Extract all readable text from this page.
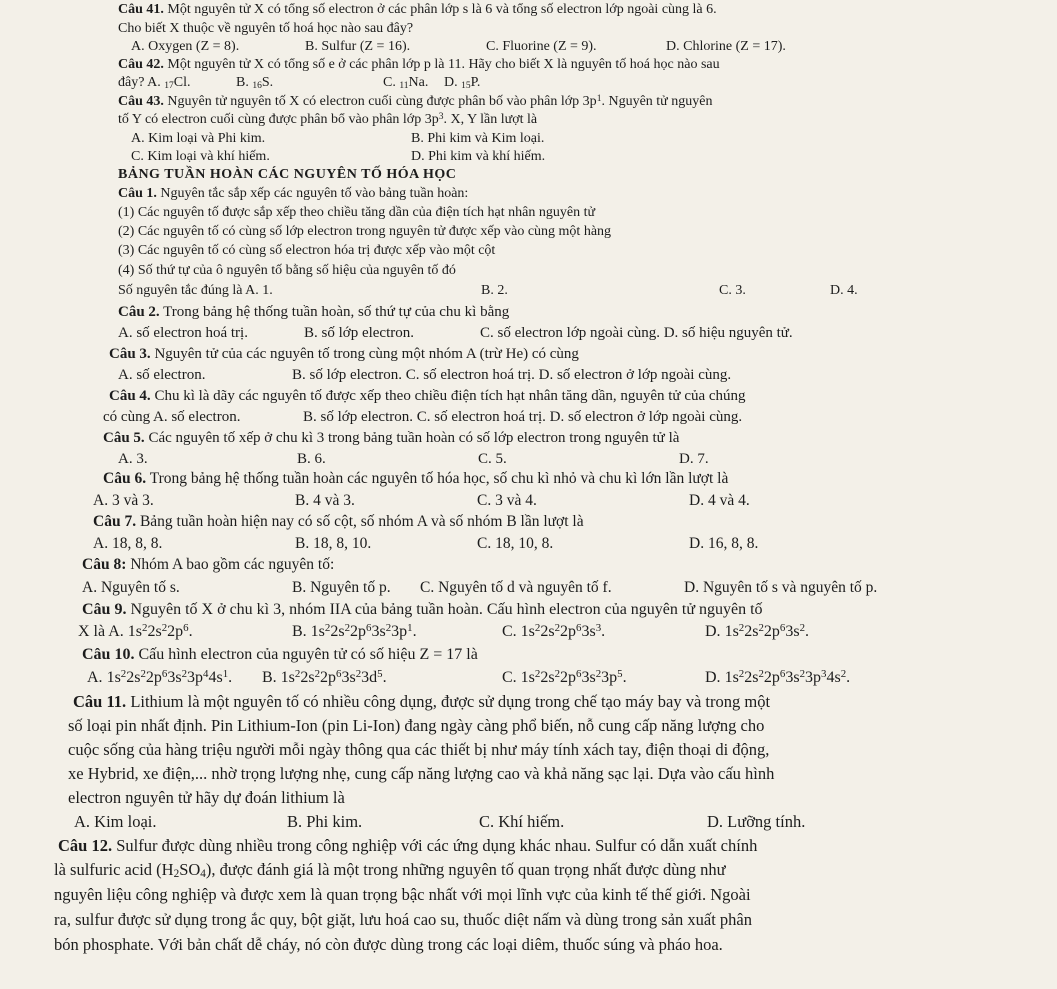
Câu 41. Một nguyên tử X có tổng số electron ở các phân lớp s là 6 và tổng số electron lớp ngoài cùng là 6.
Cho biết X thuộc về nguyên tố hoá học nào sau đây?
A. Oxygen (Z = 8).	B. Sulfur (Z = 16).	C. Fluorine (Z = 9).	D. Chlorine (Z = 17).
Câu 42. Một nguyên tử X có tổng số e ở các phân lớp p là 11. Hãy cho biết X là nguyên tố hoá học nào sau
đây? A. $_{17}$Cl.	B. $_{16}$S.	C. $_{11}$Na. D. $_{15}$P.
Câu 43. Nguyên tử nguyên tố X có electron cuối cùng được phân bố vào phân lớp $3p^1$. Nguyên tử nguyên
tố Y có electron cuối cùng được phân bổ vào phân lớp $3p^3$. X, Y lần lượt là
A. Kim loại và Phi kim.	B. Phi kim và Kim loại.
C. Kim loại và khí hiếm.	D. Phi kim và khí hiếm.
BẢNG TUẦN HOÀN CÁC NGUYÊN TỐ HÓA HỌC
Câu 1. Nguyên tắc sắp xếp các nguyên tố vào bảng tuần hoàn:
(1) Các nguyên tố được sắp xếp theo chiều tăng dần của điện tích hạt nhân nguyên tử
(2) Các nguyên tố có cùng số lớp electron trong nguyên tử được xếp vào cùng một hàng
(3) Các nguyên tố có cùng số electron hóa trị được xếp vào một cột
(4) Số thứ tự của ô nguyên tố bằng số hiệu của nguyên tố đó
Số nguyên tắc đúng là A. 1.	B. 2.	C. 3.	D. 4.
Câu 2. Trong bảng hệ thống tuần hoàn, số thứ tự của chu kì bằng
A. số electron hoá trị.	B. số lớp electron.	C. số electron lớp ngoài cùng. D. số hiệu nguyên tử.
Câu 3. Nguyên tử của các nguyên tố trong cùng một nhóm A (trừ He) có cùng
A. số electron.	B. số lớp electron. C. số electron hoá trị. D. số electron ở lớp ngoài cùng.
Câu 4. Chu kì là dãy các nguyên tố được xếp theo chiều điện tích hạt nhân tăng dần, nguyên tử của chúng
có cùng A. số electron.	B. số lớp electron. C. số electron hoá trị. D. số electron ở lớp ngoài cùng.
Câu 5. Các nguyên tố xếp ở chu kì 3 trong bảng tuần hoàn có số lớp electron trong nguyên tử là
A. 3.	B. 6.	C. 5.	D. 7.
Câu 6. Trong bảng hệ thống tuần hoàn các nguyên tố hóa học, số chu kì nhỏ và chu kì lớn lần lượt là
A. 3 và 3.	B. 4 và 3.	C. 3 và 4.	D. 4 và 4.
Câu 7. Bảng tuần hoàn hiện nay có số cột, số nhóm A và số nhóm B lần lượt là
A. 18, 8, 8.	B. 18, 8, 10.	C. 18, 10, 8.	D. 16, 8, 8.
Câu 8: Nhóm A bao gồm các nguyên tố:
A. Nguyên tố s.	B. Nguyên tố p. C. Nguyên tố d và nguyên tố f.	D. Nguyên tố s và nguyên tố p.
Câu 9. Nguyên tố X ở chu kì 3, nhóm IIA của bảng tuần hoàn. Cấu hình electron của nguyên tử nguyên tố
X là A. $1s^22s^22p^6$.	B. $1s^22s^22p^63s^23p^1$.	C. $1s^22s^22p^63s^3$.	D. $1s^22s^22p^63s^2$.
Câu 10. Cấu hình electron của nguyên tử có số hiệu Z = 17 là
A. $1s^22s^22p^63s^23p^44s^1$. B. $1s^22s^22p^63s^23d^5$.	C. $1s^22s^22p^63s^23p^5$.	D. $1s^22s^22p^63s^23p^34s^2$.
Câu 11. Lithium là một nguyên tố có nhiều công dụng, được sử dụng trong chế tạo máy bay và trong một
số loại pin nhất định. Pin Lithium-Ion (pin Li-Ion) đang ngày càng phổ biến, nỗ cung cấp năng lượng cho
cuộc sống của hàng triệu người mỗi ngày thông qua các thiết bị như máy tính xách tay, điện thoại di động,
xe Hybrid, xe điện,... nhờ trọng lượng nhẹ, cung cấp năng lượng cao và khả năng sạc lại. Dựa vào cấu hình
electron nguyên tử hãy dự đoán lithium là
A. Kim loại.	B. Phi kim.	C. Khí hiếm.	D. Lưỡng tính.
Câu 12. Sulfur được dùng nhiều trong công nghiệp với các ứng dụng khác nhau. Sulfur có dẫn xuất chính
là sulfuric acid $(H_2SO_4)$, được đánh giá là một trong những nguyên tố quan trọng nhất được dùng như
nguyên liệu công nghiệp và được xem là quan trọng bậc nhất với mọi lĩnh vực của kinh tế thế giới. Ngoài
ra, sulfur được sử dụng trong ắc quy, bột giặt, lưu hoá cao su, thuốc diệt nấm và dùng trong sản xuất phân
bón phosphate. Với bản chất dễ cháy, nó còn được dùng trong các loại diêm, thuốc súng và pháo hoa.
